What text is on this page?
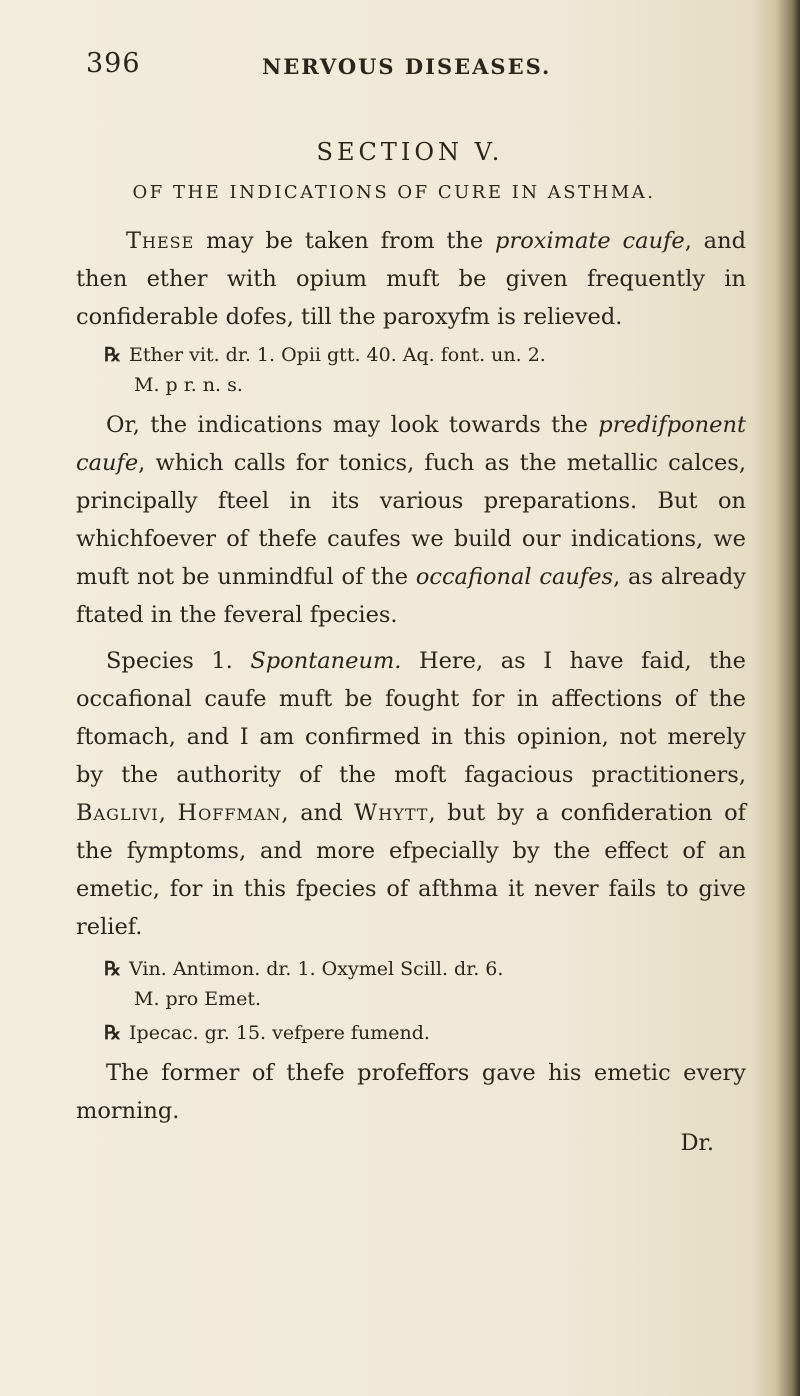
396	NERVOUS DISEASES.
SECTION V.
OF THE INDICATIONS OF CURE IN ASTHMA.
These may be taken from the proximate caufe, and then ether with opium muft be given frequently in confiderable dofes, till the paroxyfm is relieved.
℞ Ether vit. dr. 1. Opii gtt. 40. Aq. font. un. 2.
M. p r. n. s.
Or, the indications may look towards the predifponent caufe, which calls for tonics, fuch as the metallic calces, principally fteel in its various preparations. But on whichfoever of thefe caufes we build our indications, we muft not be unmindful of the occafional caufes, as already ftated in the feveral fpecies.
Species 1. Spontaneum. Here, as I have faid, the occafional caufe muft be fought for in affections of the ftomach, and I am confirmed in this opinion, not merely by the authority of the moft fagacious practitioners, Baglivi, Hoffman, and Whytt, but by a confideration of the fymptoms, and more efpecially by the effect of an emetic, for in this fpecies of afthma it never fails to give relief.
℞ Vin. Antimon. dr. 1. Oxymel Scill. dr. 6.
M. pro Emet.
℞ Ipecac. gr. 15. vefpere fumend.
The former of thefe profeffors gave his emetic every morning.
Dr.
